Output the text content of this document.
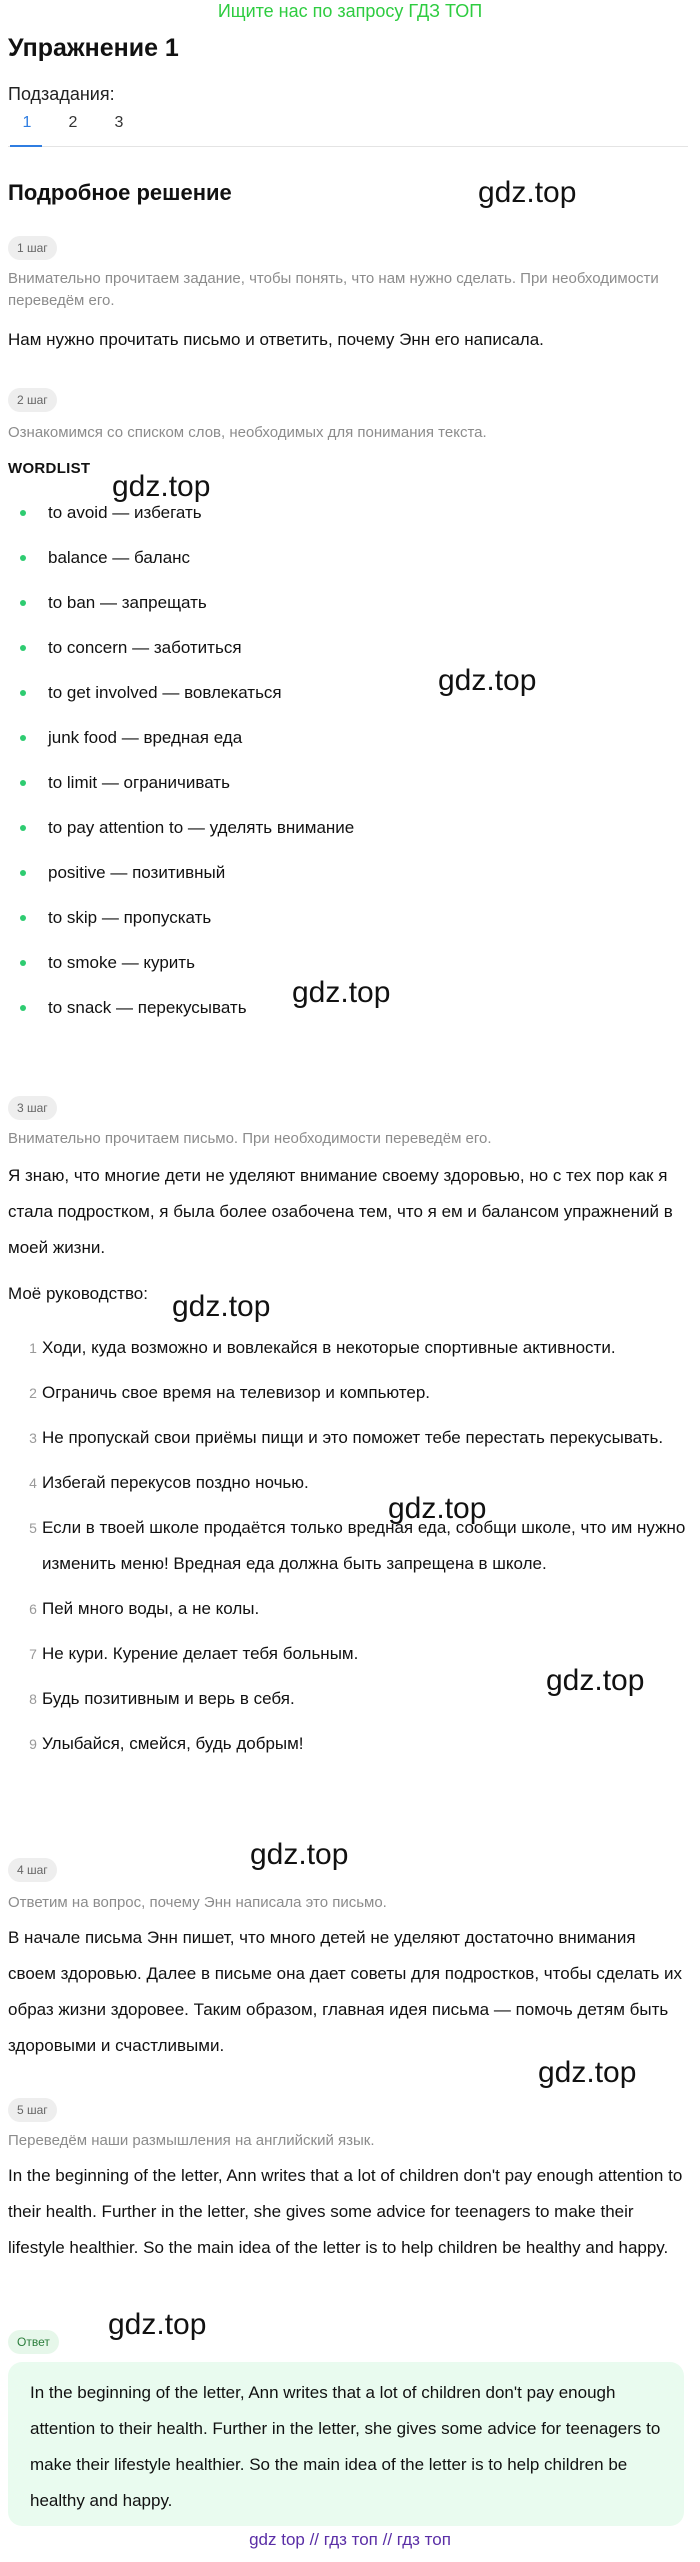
Ищите нас по запросу ГДЗ ТОП
Упражнение 1
Подзадания:
1	2	3
Подробное решение	gdz.top
gdz.top
gdz.top
gdz.top
gdz.top
gdz.top
gdz.top
gdz.top
gdz.top
gdz.top
1 шаг
Внимательно прочитаем задание, чтобы понять, что нам нужно сделать. При необходимости переведём его.
Нам нужно прочитать письмо и ответить, почему Энн его написала.
2 шаг
Ознакомимся со списком слов, необходимых для понимания текста.
WORDLIST
to avoid — избегать
balance — баланс
to ban — запрещать
to concern — заботиться
to get involved — вовлекаться
junk food — вредная еда
to limit — ограничивать
to pay attention to — уделять внимание
positive — позитивный
to skip — пропускать
to smoke — курить
to snack — перекусывать
3 шаг
Внимательно прочитаем письмо. При необходимости переведём его.
Я знаю, что многие дети не уделяют внимание своему здоровью, но с тех пор как я стала подростком, я была более озабочена тем, что я ем и балансом упражнений в моей жизни.
Моё руководство:
1 Ходи, куда возможно и вовлекайся в некоторые спортивные активности.
2 Ограничь свое время на телевизор и компьютер.
3 Не пропускай свои приёмы пищи и это поможет тебе перестать перекусывать.
4 Избегай перекусов поздно ночью.
5 Если в твоей школе продаётся только вредная еда, сообщи школе, что им нужно изменить меню! Вредная еда должна быть запрещена в школе.
6 Пей много воды, а не колы.
7 Не кури. Курение делает тебя больным.
8 Будь позитивным и верь в себя.
9 Улыбайся, смейся, будь добрым!
4 шаг
Ответим на вопрос, почему Энн написала это письмо.
В начале письма Энн пишет, что много детей не уделяют достаточно внимания своем здоровью. Далее в письме она дает советы для подростков, чтобы сделать их образ жизни здоровее. Таким образом, главная идея письма — помочь детям быть здоровыми и счастливыми.
5 шаг
Переведём наши размышления на английский язык.
In the beginning of the letter, Ann writes that a lot of children don't pay enough attention to their health. Further in the letter, she gives some advice for teenagers to make their lifestyle healthier. So the main idea of the letter is to help children be healthy and happy.
Ответ
In the beginning of the letter, Ann writes that a lot of children don't pay enough attention to their health. Further in the letter, she gives some advice for teenagers to make their lifestyle healthier. So the main idea of the letter is to help children be healthy and happy.
gdz top // гдз топ // гдз топ
